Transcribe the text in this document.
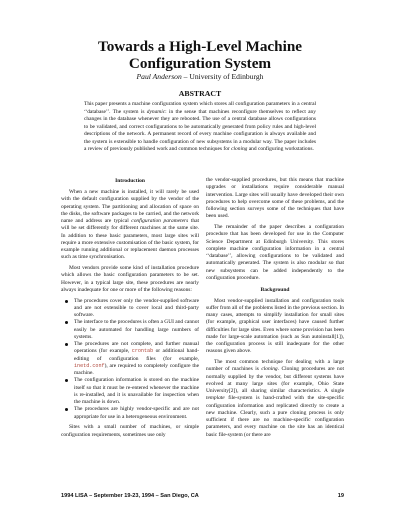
Towards a High-Level Machine
Configuration System
Paul Anderson – University of Edinburgh
ABSTRACT

This paper presents a machine configuration system which stores all configuration parameters in a central ‘‘database’’. The system is dynamic: in the sense that machines reconfigure themselves to reflect any changes in the database whenever they are rebooted. The use of a central database allows configurations to be validated, and correct configurations to be automatically generated from policy rules and high-level descriptions of the network. A permanent record of every machine configuration is always available and the system is extensible to handle configuration of new subsystems in a modular way. The paper includes a review of previously published work and common techniques for cloning and configuring workstations.

Introduction

When a new machine is installed, it will rarely be used with the default configuration supplied by the vendor of the operating system. The partitioning and allocation of space on the disks, the software packages to be carried, and the network name and address are typical configuration parameters that will be set differently for different machines at the same site. In addition to these basic parameters, most large sites will require a more extensive customisation of the basic system, for example running additional or replacement daemon processes such as time synchronisation.

Most vendors provide some kind of installation procedure which allows the basic configuration parameters to be set. However, in a typical large site, these procedures are nearly always inadequate for one or more of the following reasons:

The procedures cover only the vendor-supplied software and are not extensible to cover local and third-party software.
The interface to the procedures is often a GUI and cannot easily be automated for handling large numbers of systems.
The procedures are not complete, and further manual operations (for example, crontab or additional hand-editing of configuration files (for example, inetd.conf), are required to completely configure the machine.
The configuration information is stored on the machine itself so that it must be re-entered whenever the machine is re-installed, and it is unavailable for inspection when the machine is down.
The procedures are highly vendor-specific and are not appropriate for use in a heterogeneous environment.

Sites with a small number of machines, or simple configuration requirements, sometimes use only

the vendor-supplied procedures, but this means that machine upgrades or installations require considerable manual intervention. Large sites will usually have developed their own procedures to help overcome some of these problems, and the following section surveys some of the techniques that have been used.

The remainder of the paper describes a configuration procedure that has been developed for use in the Computer Science Department at Edinburgh University. This stores complete machine configuration information in a central ‘‘database’’, allowing configurations to be validated and automatically generated. The system is also modular so that new subsystems can be added independently to the configuration procedure.

Background

Most vendor-supplied installation and configuration tools suffer from all of the problems listed in the previous section. In many cases, attempts to simplify installation for small sites (for example, graphical user interfaces) have caused further difficulties for large sites. Even where some provision has been made for large-scale automation (such as Sun autoinstall[1]), the configuration process is still inadequate for the other reasons given above.

The most common technique for dealing with a large number of machines is cloning. Cloning procedures are not normally supplied by the vendor, but different systems have evolved at many large sites (for example, Ohio State University[2]), all sharing similar characteristics. A single template file-system is hand-crafted with the site-specific configuration information and replicated directly to create a new machine. Clearly, such a pure cloning process is only sufficient if there are no machine-specific configuration parameters, and every machine on the site has an identical basic file-system (or there are

1994 LISA – September 19-23, 1994 – San Diego, CA	19
